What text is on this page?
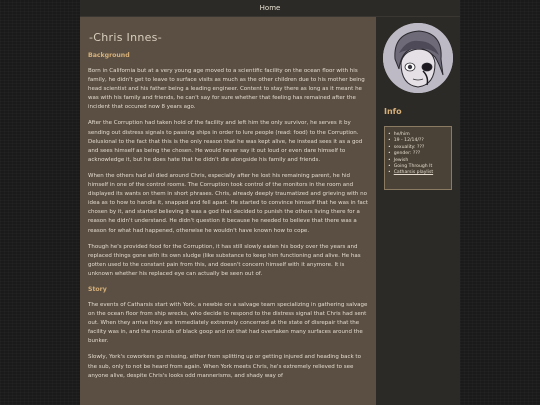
Home
-Chris Innes-
Background

Born in California but at a very young age moved to a scientific facility on the ocean floor with his family, he didn't get to leave to surface visits as much as the other children due to his mother being head scientist and his father being a leading engineer. Content to stay there as long as it meant he was with his family and friends, he can't say for sure whether that feeling has remained after the incident that occured now 8 years ago.

After the Corruption had taken hold of the facility and left him the only survivor, he serves it by sending out distress signals to passing ships in order to lure people (read: food) to the Corruption. Delusional to the fact that this is the only reason that he was kept alive, he instead sees it as a god and sees himself as being the chosen. He would never say it out loud or even dare himself to acknowledge it, but he does hate that he didn't die alongside his family and friends.

When the others had all died around Chris, especially after he lost his remaining parent, he hid himself in one of the control rooms. The Corruption took control of the monitors in the room and displayed its wants on them in short phrases. Chris, already deeply traumatized and grieving with no idea as to how to handle it, snapped and fell apart. He started to convince himself that he was in fact chosen by it, and started believing it was a god that decided to punish the others living there for a reason he didn't understand. He didn't question it because he needed to believe that there was a reason for what had happened, otherwise he wouldn't have known how to cope.

Though he's provided food for the Corruption, it has still slowly eaten his body over the years and replaced things gone with its own sludge (like substance to keep him functioning and alive. He has gotten used to the constant pain from this, and doesn't concern himself with it anymore. It is unknown whether his replaced eye can actually be seen out of.

Story

The events of Catharsis start with York, a newbie on a salvage team specializing in gathering salvage on the ocean floor from ship wrecks, who decide to respond to the distress signal that Chris had sent out. When they arrive they are immediately extremely concerned at the state of disrepair that the facility was in, and the mounds of black goop and rot that had overtaken many surfaces around the bunker.

Slowly, York's coworkers go missing, either from splitting up or getting injured and heading back to the sub, only to not be heard from again. When York meets Chris, he's extremely relieved to see anyone alive, despite Chris's looks odd mannerisms, and shady way of

Info
• he/him
• 19 - 12/14/??
• sexuality: ???
• gender: ???
• Jewish
• Going Through It
• Catharsis playlist
